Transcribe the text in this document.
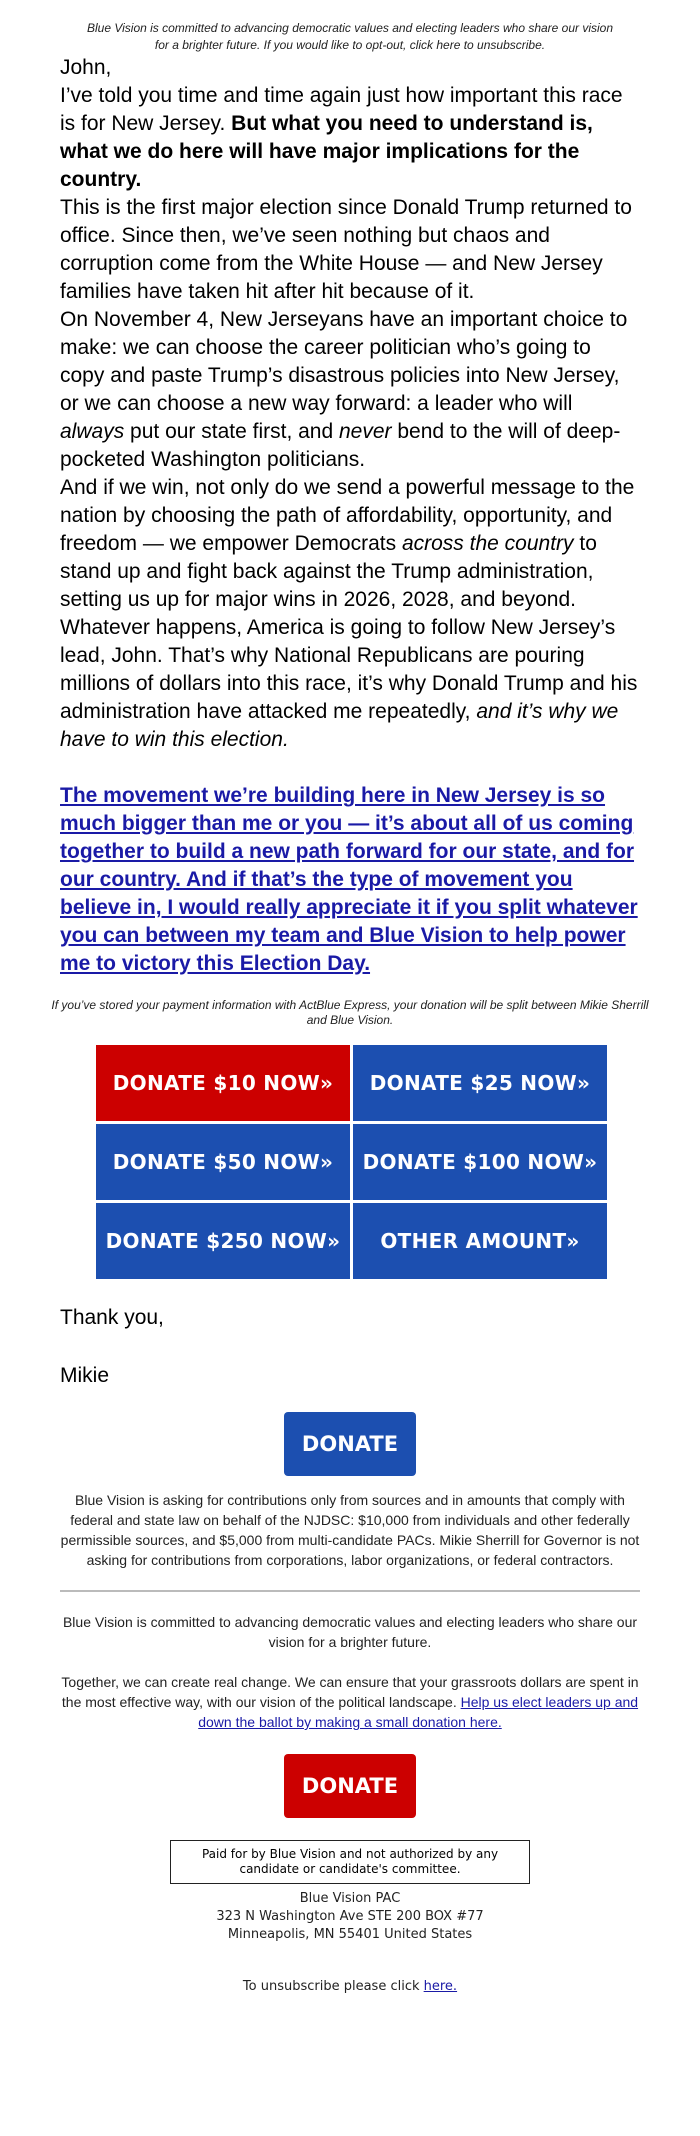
Blue Vision is committed to advancing democratic values and electing leaders who share our vision for a brighter future. If you would like to opt-out, click here to unsubscribe.

John,

I’ve told you time and time again just how important this race is for New Jersey. But what you need to understand is, what we do here will have major implications for the country.

This is the first major election since Donald Trump returned to office. Since then, we’ve seen nothing but chaos and corruption come from the White House — and New Jersey families have taken hit after hit because of it.

On November 4, New Jerseyans have an important choice to make: we can choose the career politician who’s going to copy and paste Trump’s disastrous policies into New Jersey, or we can choose a new way forward: a leader who will always put our state first, and never bend to the will of deep-pocketed Washington politicians.

And if we win, not only do we send a powerful message to the nation by choosing the path of affordability, opportunity, and freedom — we empower Democrats across the country to stand up and fight back against the Trump administration, setting us up for major wins in 2026, 2028, and beyond.

Whatever happens, America is going to follow New Jersey’s lead, John. That’s why National Republicans are pouring millions of dollars into this race, it’s why Donald Trump and his administration have attacked me repeatedly, and it’s why we have to win this election.

The movement we’re building here in New Jersey is so much bigger than me or you — it’s about all of us coming together to build a new path forward for our state, and for our country. And if that’s the type of movement you believe in, I would really appreciate it if you split whatever you can between my team and Blue Vision to help power me to victory this Election Day.
If you’ve stored your payment information with ActBlue Express, your donation will be split between Mikie Sherrill and Blue Vision.
DONATE $10 NOW»	DONATE $25 NOW»
DONATE $50 NOW»	DONATE $100 NOW»
DONATE $250 NOW»	OTHER AMOUNT»
Thank you,
Mikie
DONATE
Blue Vision is asking for contributions only from sources and in amounts that comply with federal and state law on behalf of the NJDSC: $10,000 from individuals and other federally permissible sources, and $5,000 from multi-candidate PACs. Mikie Sherrill for Governor is not asking for contributions from corporations, labor organizations, or federal contractors.
Blue Vision is committed to advancing democratic values and electing leaders who share our vision for a brighter future.
Together, we can create real change. We can ensure that your grassroots dollars are spent in the most effective way, with our vision of the political landscape. Help us elect leaders up and down the ballot by making a small donation here.
DONATE
Paid for by Blue Vision and not authorized by any candidate or candidate's committee.
Blue Vision PAC
323 N Washington Ave STE 200 BOX #77
Minneapolis, MN 55401 United States
To unsubscribe please click here.
